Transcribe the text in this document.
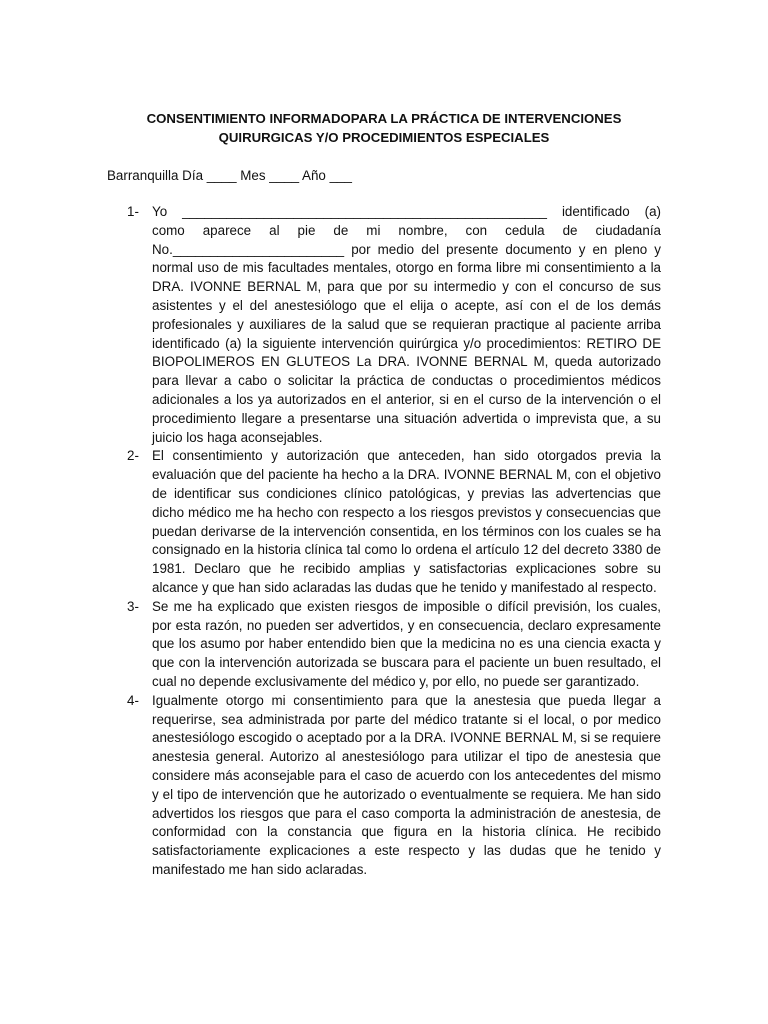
CONSENTIMIENTO INFORMADOPARA LA PRÁCTICA DE INTERVENCIONES
QUIRURGICAS Y/O PROCEDIMIENTOS ESPECIALES
Barranquilla Día ____ Mes ____ Año ___
1- Yo _________________________________________________ identificado (a) como aparece al pie de mi nombre, con cedula de ciudadanía No._______________________ por medio del presente documento y en pleno y normal uso de mis facultades mentales, otorgo en forma libre mi consentimiento a la DRA. IVONNE BERNAL M, para que por su intermedio y con el concurso de sus asistentes y el del anestesiólogo que el elija o acepte, así con el de los demás profesionales y auxiliares de la salud que se requieran practique al paciente arriba identificado (a) la siguiente intervención quirúrgica y/o procedimientos: RETIRO DE BIOPOLIMEROS EN GLUTEOS La DRA. IVONNE BERNAL M, queda autorizado para llevar a cabo o solicitar la práctica de conductas o procedimientos médicos adicionales a los ya autorizados en el anterior, si en el curso de la intervención o el procedimiento llegare a presentarse una situación advertida o imprevista que, a su juicio los haga aconsejables.
2- El consentimiento y autorización que anteceden, han sido otorgados previa la evaluación que del paciente ha hecho a la DRA. IVONNE BERNAL M, con el objetivo de identificar sus condiciones clínico patológicas, y previas las advertencias que dicho médico me ha hecho con respecto a los riesgos previstos y consecuencias que puedan derivarse de la intervención consentida, en los términos con los cuales se ha consignado en la historia clínica tal como lo ordena el artículo 12 del decreto 3380 de 1981. Declaro que he recibido amplias y satisfactorias explicaciones sobre su alcance y que han sido aclaradas las dudas que he tenido y manifestado al respecto.
3- Se me ha explicado que existen riesgos de imposible o difícil previsión, los cuales, por esta razón, no pueden ser advertidos, y en consecuencia, declaro expresamente que los asumo por haber entendido bien que la medicina no es una ciencia exacta y que con la intervención autorizada se buscara para el paciente un buen resultado, el cual no depende exclusivamente del médico y, por ello, no puede ser garantizado.
4- Igualmente otorgo mi consentimiento para que la anestesia que pueda llegar a requerirse, sea administrada por parte del médico tratante si el local, o por medico anestesiólogo escogido o aceptado por a la DRA. IVONNE BERNAL M, si se requiere anestesia general. Autorizo al anestesiólogo para utilizar el tipo de anestesia que considere más aconsejable para el caso de acuerdo con los antecedentes del mismo y el tipo de intervención que he autorizado o eventualmente se requiera. Me han sido advertidos los riesgos que para el caso comporta la administración de anestesia, de conformidad con la constancia que figura en la historia clínica. He recibido satisfactoriamente explicaciones a este respecto y las dudas que he tenido y manifestado me han sido aclaradas.
